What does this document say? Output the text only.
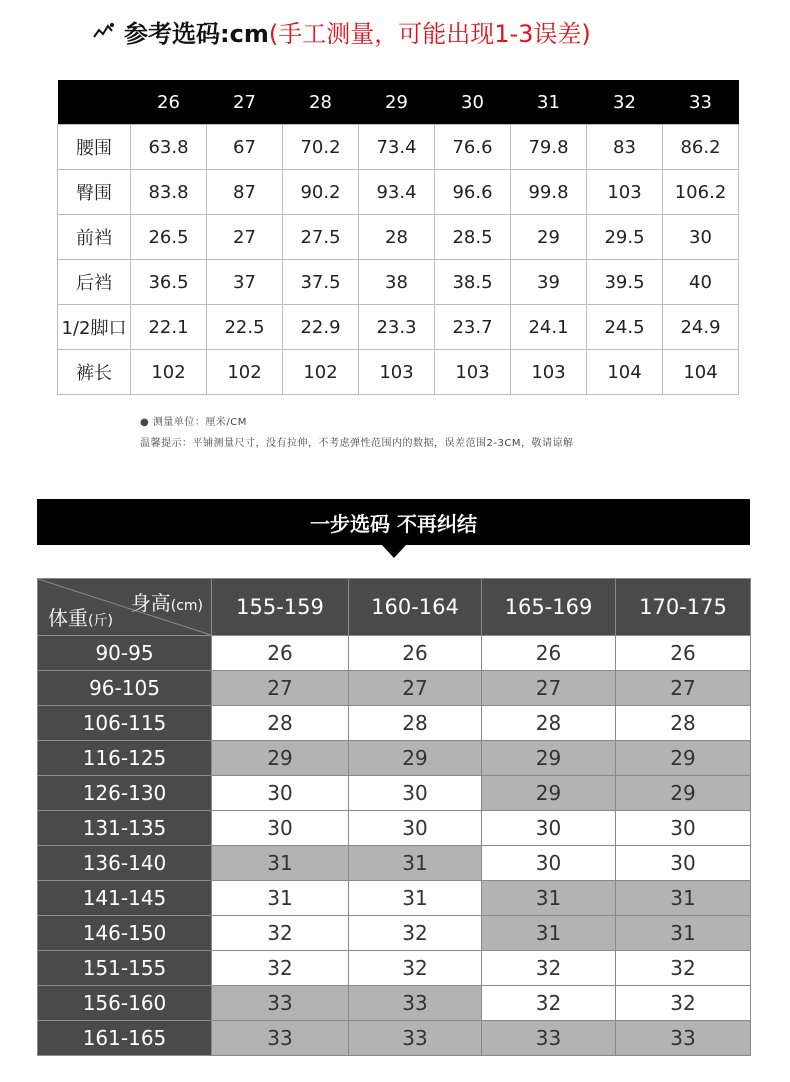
参考选码:cm (手工测量，可能出现1-3误差)
	26	27	28	29	30	31	32	33
腰围	63.8	67	70.2	73.4	76.6	79.8	83	86.2
臀围	83.8	87	90.2	93.4	96.6	99.8	103	106.2
前裆	26.5	27	27.5	28	28.5	29	29.5	30
后裆	36.5	37	37.5	38	38.5	39	39.5	40
1/2脚口	22.1	22.5	22.9	23.3	23.7	24.1	24.5	24.9
裤长	102	102	102	103	103	103	104	104
● 测量单位：厘米/CM
温馨提示：平铺测量尺寸，没有拉伸，不考虑弹性范围内的数据，误差范围2-3CM，敬请谅解
一步选码 不再纠结
身高(cm)
体重(斤)	155-159	160-164	165-169	170-175
90-95	26	26	26	26
96-105	27	27	27	27
106-115	28	28	28	28
116-125	29	29	29	29
126-130	30	30	29	29
131-135	30	30	30	30
136-140	31	31	30	30
141-145	31	31	31	31
146-150	32	32	31	31
151-155	32	32	32	32
156-160	33	33	32	32
161-165	33	33	33	33
